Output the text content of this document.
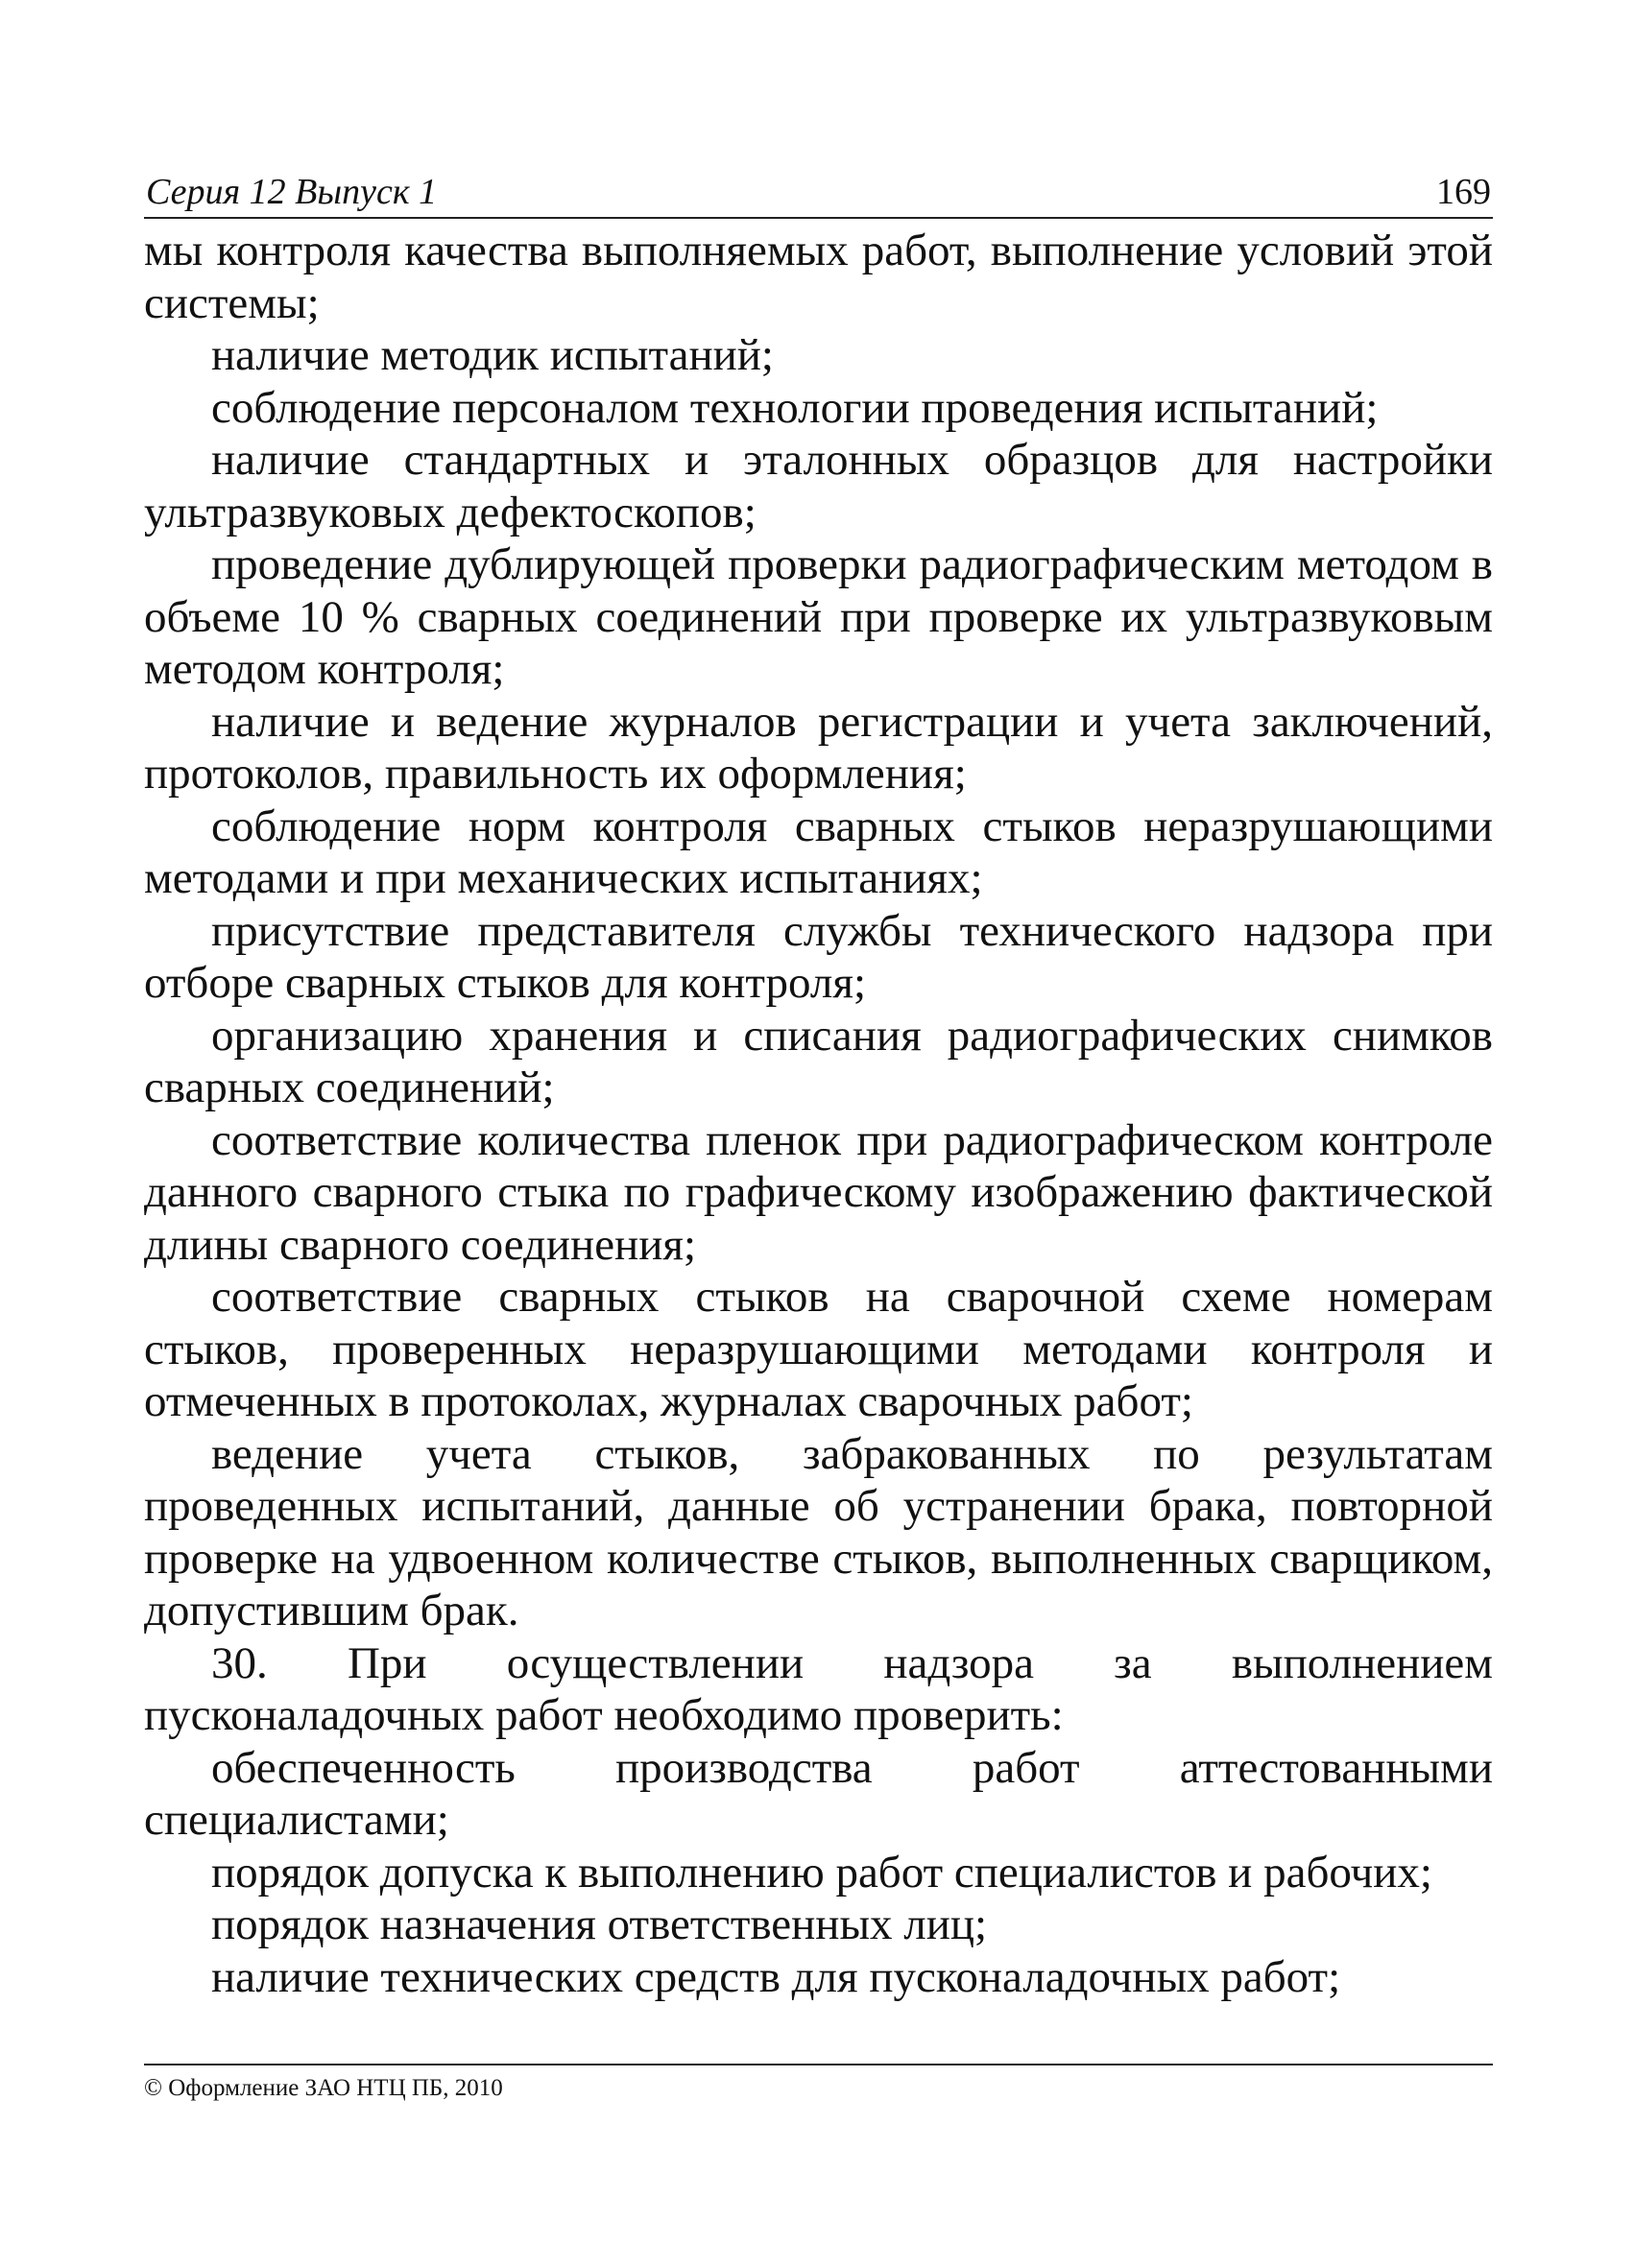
Серия 12 Выпуск 1	169

мы контроля качества выполняемых работ, выполнение условий этой системы;

наличие методик испытаний;

соблюдение персоналом технологии проведения испытаний;

наличие стандартных и эталонных образцов для настройки ультразвуковых дефектоскопов;

проведение дублирующей проверки радиографическим методом в объеме 10 % сварных соединений при проверке их ультразвуковым методом контроля;

наличие и ведение журналов регистрации и учета заключений, протоколов, правильность их оформления;

соблюдение норм контроля сварных стыков неразрушающими методами и при механических испытаниях;

присутствие представителя службы технического надзора при отборе сварных стыков для контроля;

организацию хранения и списания радиографических снимков сварных соединений;

соответствие количества пленок при радиографическом контроле данного сварного стыка по графическому изображению фактической длины сварного соединения;

соответствие сварных стыков на сварочной схеме номерам стыков, проверенных неразрушающими методами контроля и отмеченных в протоколах, журналах сварочных работ;

ведение учета стыков, забракованных по результатам проведенных испытаний, данные об устранении брака, повторной проверке на удвоенном количестве стыков, выполненных сварщиком, допустившим брак.

30. При осуществлении надзора за выполнением пусконаладочных работ необходимо проверить:

обеспеченность производства работ аттестованными специалистами;

порядок допуска к выполнению работ специалистов и рабочих;

порядок назначения ответственных лиц;

наличие технических средств для пусконаладочных работ;

© Оформление ЗАО НТЦ ПБ, 2010
